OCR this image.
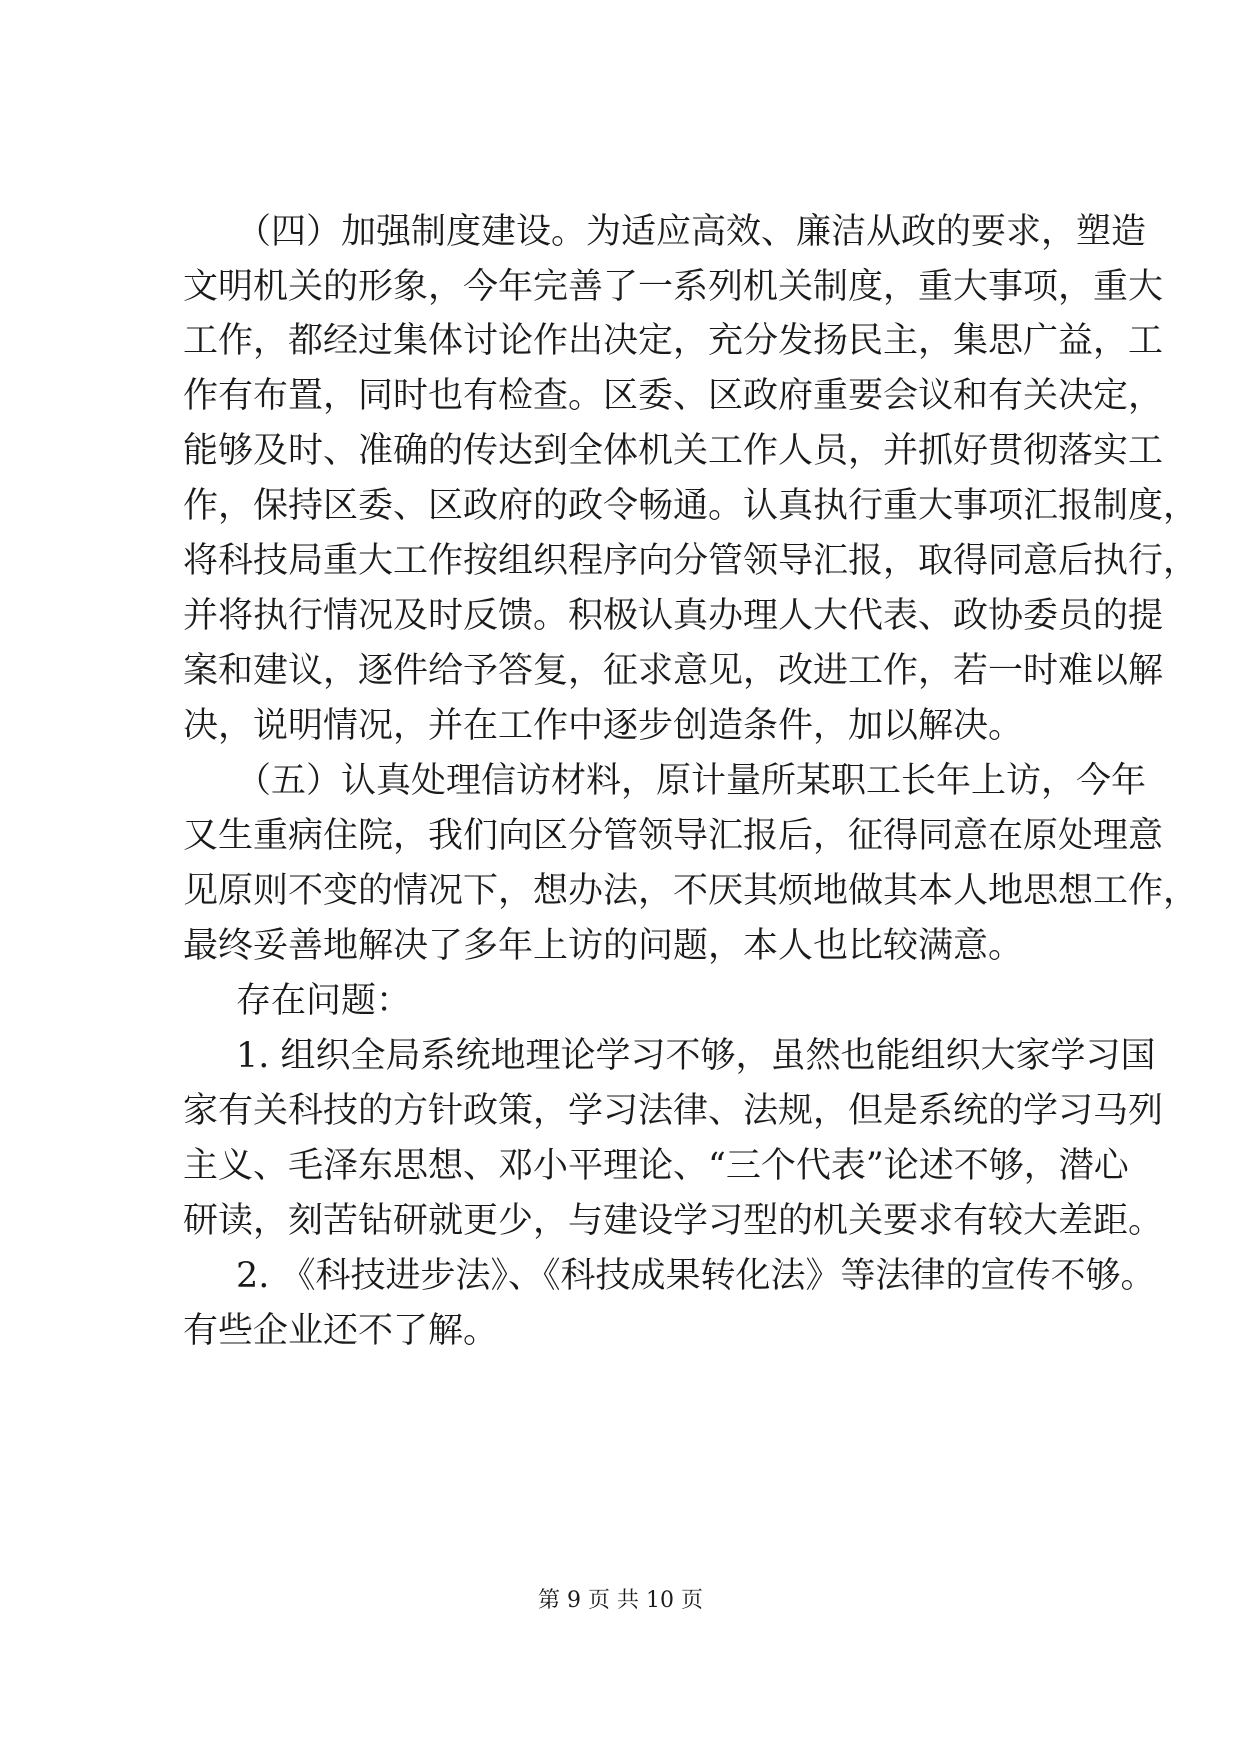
（四）加强制度建设。为适应高效、廉洁从政的要求，塑造
文明机关的形象，今年完善了一系列机关制度，重大事项，重大
工作，都经过集体讨论作出决定，充分发扬民主，集思广益，工
作有布置，同时也有检查。区委、区政府重要会议和有关决定，
能够及时、准确的传达到全体机关工作人员，并抓好贯彻落实工
作，保持区委、区政府的政令畅通。认真执行重大事项汇报制度，
将科技局重大工作按组织程序向分管领导汇报，取得同意后执行，
并将执行情况及时反馈。积极认真办理人大代表、政协委员的提
案和建议，逐件给予答复，征求意见，改进工作，若一时难以解
决，说明情况，并在工作中逐步创造条件，加以解决。
（五）认真处理信访材料，原计量所某职工长年上访，今年
又生重病住院，我们向区分管领导汇报后，征得同意在原处理意
见原则不变的情况下，想办法，不厌其烦地做其本人地思想工作，
最终妥善地解决了多年上访的问题，本人也比较满意。
存在问题：
1. 组织全局系统地理论学习不够，虽然也能组织大家学习国
家有关科技的方针政策，学习法律、法规，但是系统的学习马列
主义、毛泽东思想、邓小平理论、“三个代表”论述不够，潜心
研读，刻苦钻研就更少，与建设学习型的机关要求有较大差距。
2. 《科技进步法》、《科技成果转化法》等法律的宣传不够。
有些企业还不了解。
第 9 页 共 10 页
